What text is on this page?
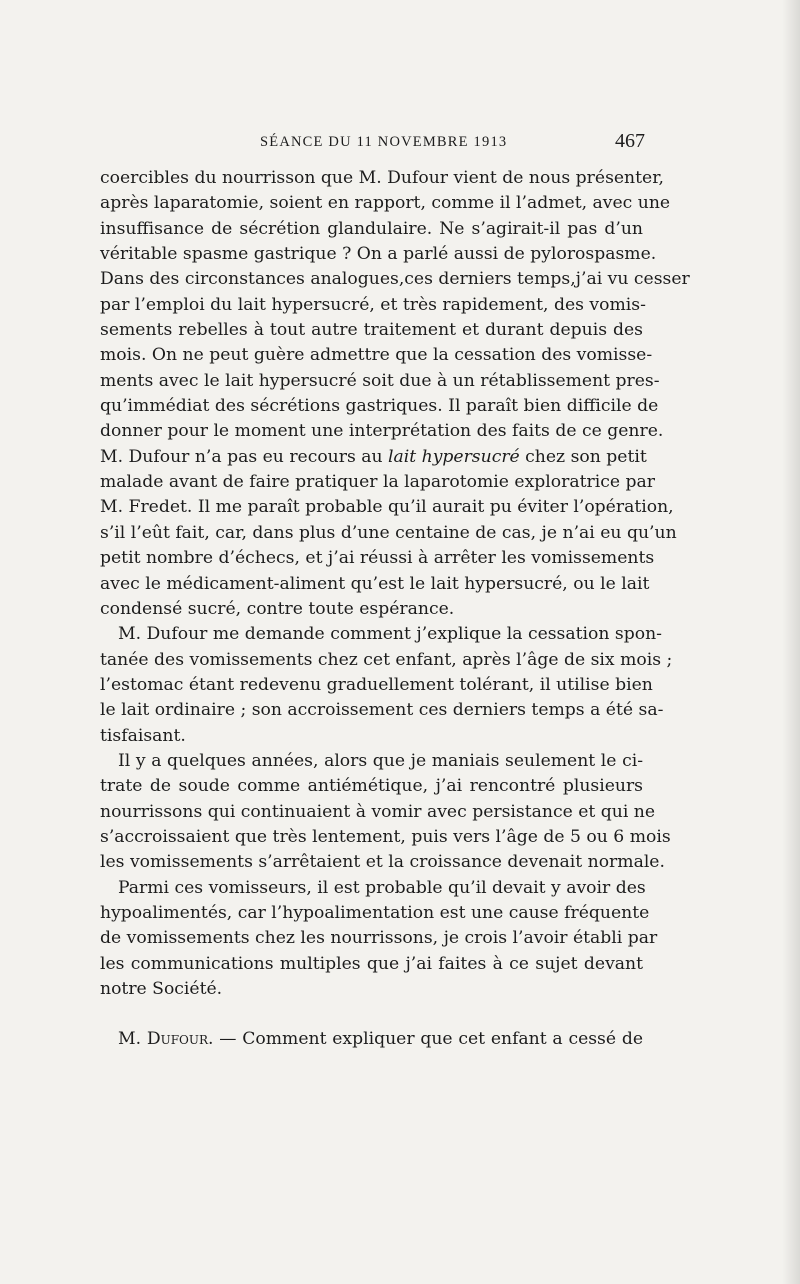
SÉANCE DU 11 NOVEMBRE 1913	467
coercibles du nourrisson que M. Dufour vient de nous présenter,
après laparatomie, soient en rapport, comme il l’admet, avec une
insuffisance de sécrétion glandulaire. Ne s’agirait-il pas d’un
véritable spasme gastrique ? On a parlé aussi de pylorospasme.
Dans des circonstances analogues,ces derniers temps,j’ai vu cesser
par l’emploi du lait hypersucré, et très rapidement, des vomis-
sements rebelles à tout autre traitement et durant depuis des
mois. On ne peut guère admettre que la cessation des vomisse-
ments avec le lait hypersucré soit due à un rétablissement pres-
qu’immédiat des sécrétions gastriques. Il paraît bien difficile de
donner pour le moment une interprétation des faits de ce genre.
M. Dufour n’a pas eu recours au lait hypersucré chez son petit
malade avant de faire pratiquer la laparotomie exploratrice par
M. Fredet. Il me paraît probable qu’il aurait pu éviter l’opération,
s’il l’eût fait, car, dans plus d’une centaine de cas, je n’ai eu qu’un
petit nombre d’échecs, et j’ai réussi à arrêter les vomissements
avec le médicament-aliment qu’est le lait hypersucré, ou le lait
condensé sucré, contre toute espérance.
M. Dufour me demande comment j’explique la cessation spon-
tanée des vomissements chez cet enfant, après l’âge de six mois ;
l’estomac étant redevenu graduellement tolérant, il utilise bien
le lait ordinaire ; son accroissement ces derniers temps a été sa-
tisfaisant.
Il y a quelques années, alors que je maniais seulement le ci-
trate de soude comme antiémétique, j’ai rencontré plusieurs
nourrissons qui continuaient à vomir avec persistance et qui ne
s’accroissaient que très lentement, puis vers l’âge de 5 ou 6 mois
les vomissements s’arrêtaient et la croissance devenait normale.
Parmi ces vomisseurs, il est probable qu’il devait y avoir des
hypoalimentés, car l’hypoalimentation est une cause fréquente
de vomissements chez les nourrissons, je crois l’avoir établi par
les communications multiples que j’ai faites à ce sujet devant
notre Société.
M. Dufour. — Comment expliquer que cet enfant a cessé de
